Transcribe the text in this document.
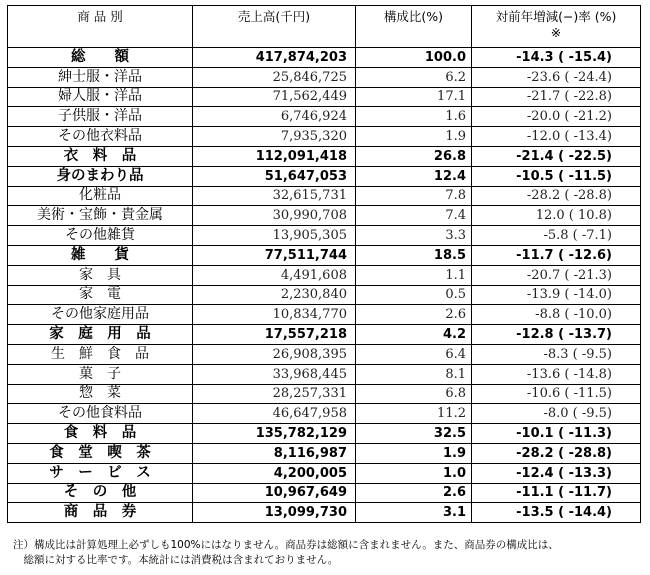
商 品 別	売上高(千円)	構成比(%)	対前年増減(−)率 (%)
※

総　　額	417,874,203	100.0	-14.3 ( -15.4)
紳士服・洋品	25,846,725	6.2	-23.6 ( -24.4)
婦人服・洋品	71,562,449	17.1	-21.7 ( -22.8)
子供服・洋品	6,746,924	1.6	-20.0 ( -21.2)
その他衣料品	7,935,320	1.9	-12.0 ( -13.4)
衣　料　品	112,091,418	26.8	-21.4 ( -22.5)
身のまわり品	51,647,053	12.4	-10.5 ( -11.5)
化粧品	32,615,731	7.8	-28.2 ( -28.8)
美術・宝飾・貴金属	30,990,708	7.4	12.0 ( 10.8)
その他雑貨	13,905,305	3.3	-5.8 ( -7.1)
雑　　貨	77,511,744	18.5	-11.7 ( -12.6)
家　具	4,491,608	1.1	-20.7 ( -21.3)
家　電	2,230,840	0.5	-13.9 ( -14.0)
その他家庭用品	10,834,770	2.6	-8.8 ( -10.0)
家　庭　用　品	17,557,218	4.2	-12.8 ( -13.7)
生　鮮　食　品	26,908,395	6.4	-8.3 ( -9.5)
菓　子	33,968,445	8.1	-13.6 ( -14.8)
惣　菜	28,257,331	6.8	-10.6 ( -11.5)
その他食料品	46,647,958	11.2	-8.0 ( -9.5)
食　料　品	135,782,129	32.5	-10.1 ( -11.3)
食　堂　喫　茶	8,116,987	1.9	-28.2 ( -28.8)
サ　ー　ビ　ス	4,200,005	1.0	-12.4 ( -13.3)
そ　の　他	10,967,649	2.6	-11.1 ( -11.7)
商　品　券	13,099,730	3.1	-13.5 ( -14.4)
注）構成比は計算処理上必ずしも100%にはなりません。商品券は総額に含まれません。また、商品券の構成比は、
　総額に対する比率です。本統計には消費税は含まれておりません。
